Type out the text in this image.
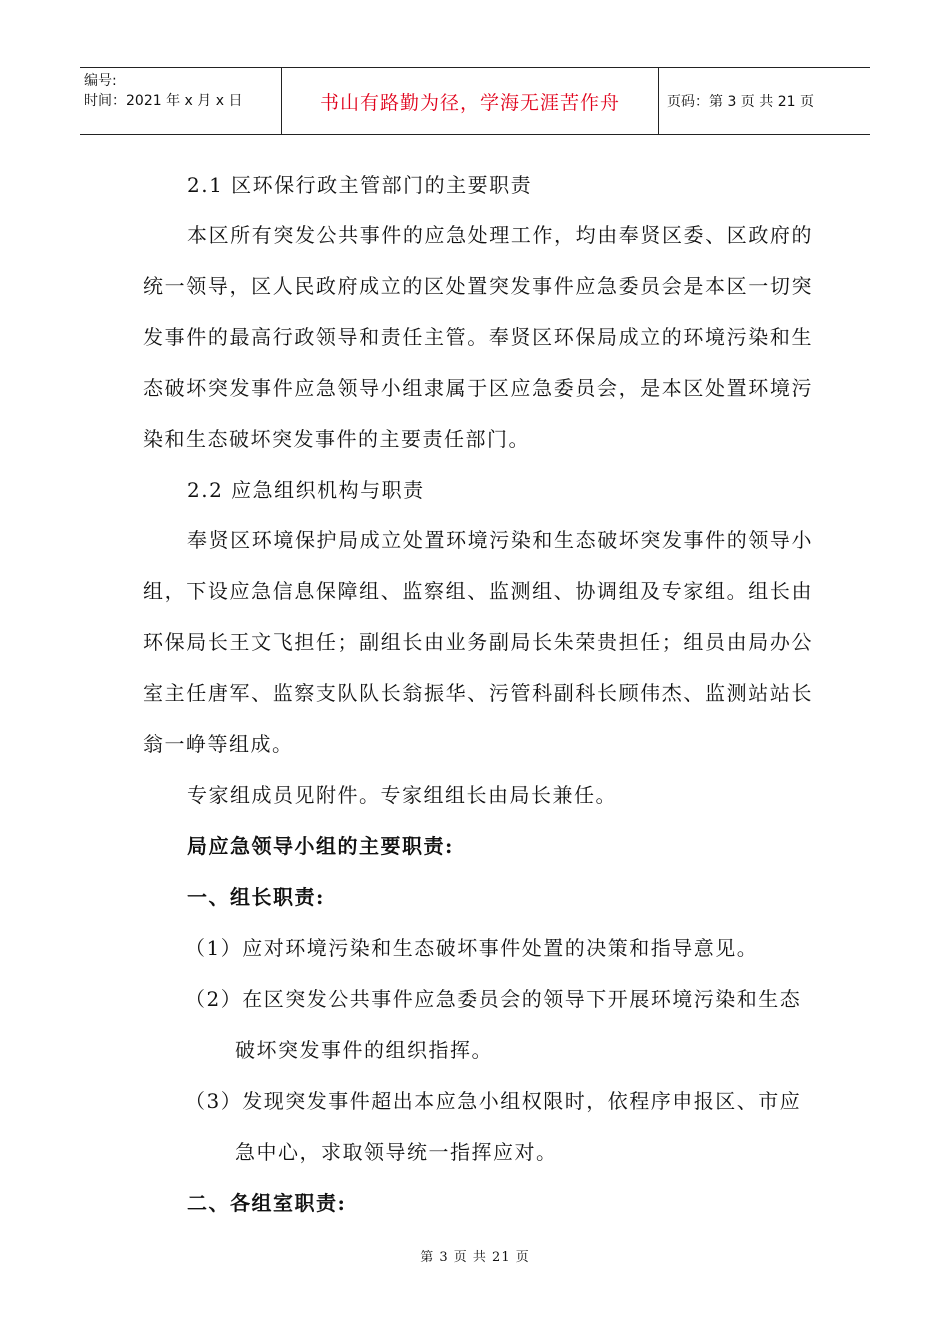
编号:
时间：2021 年 x 月 x 日	书山有路勤为径，学海无涯苦作舟	页码：第 3 页 共 21 页

2.1 区环保行政主管部门的主要职责

本区所有突发公共事件的应急处理工作，均由奉贤区委、区政府的统一领导，区人民政府成立的区处置突发事件应急委员会是本区一切突发事件的最高行政领导和责任主管。奉贤区环保局成立的环境污染和生态破坏突发事件应急领导小组隶属于区应急委员会，是本区处置环境污染和生态破坏突发事件的主要责任部门。

2.2 应急组织机构与职责

奉贤区环境保护局成立处置环境污染和生态破坏突发事件的领导小组，下设应急信息保障组、监察组、监测组、协调组及专家组。组长由环保局长王文飞担任；副组长由业务副局长朱荣贵担任；组员由局办公室主任唐军、监察支队队长翁振华、污管科副科长顾伟杰、监测站站长翁一峥等组成。

专家组成员见附件。专家组组长由局长兼任。

局应急领导小组的主要职责:

一、组长职责:

（1）应对环境污染和生态破坏事件处置的决策和指导意见。

（2）在区突发公共事件应急委员会的领导下开展环境污染和生态破坏突发事件的组织指挥。

（3）发现突发事件超出本应急小组权限时，依程序申报区、市应急中心，求取领导统一指挥应对。

二、各组室职责:

第 3 页 共 21 页
